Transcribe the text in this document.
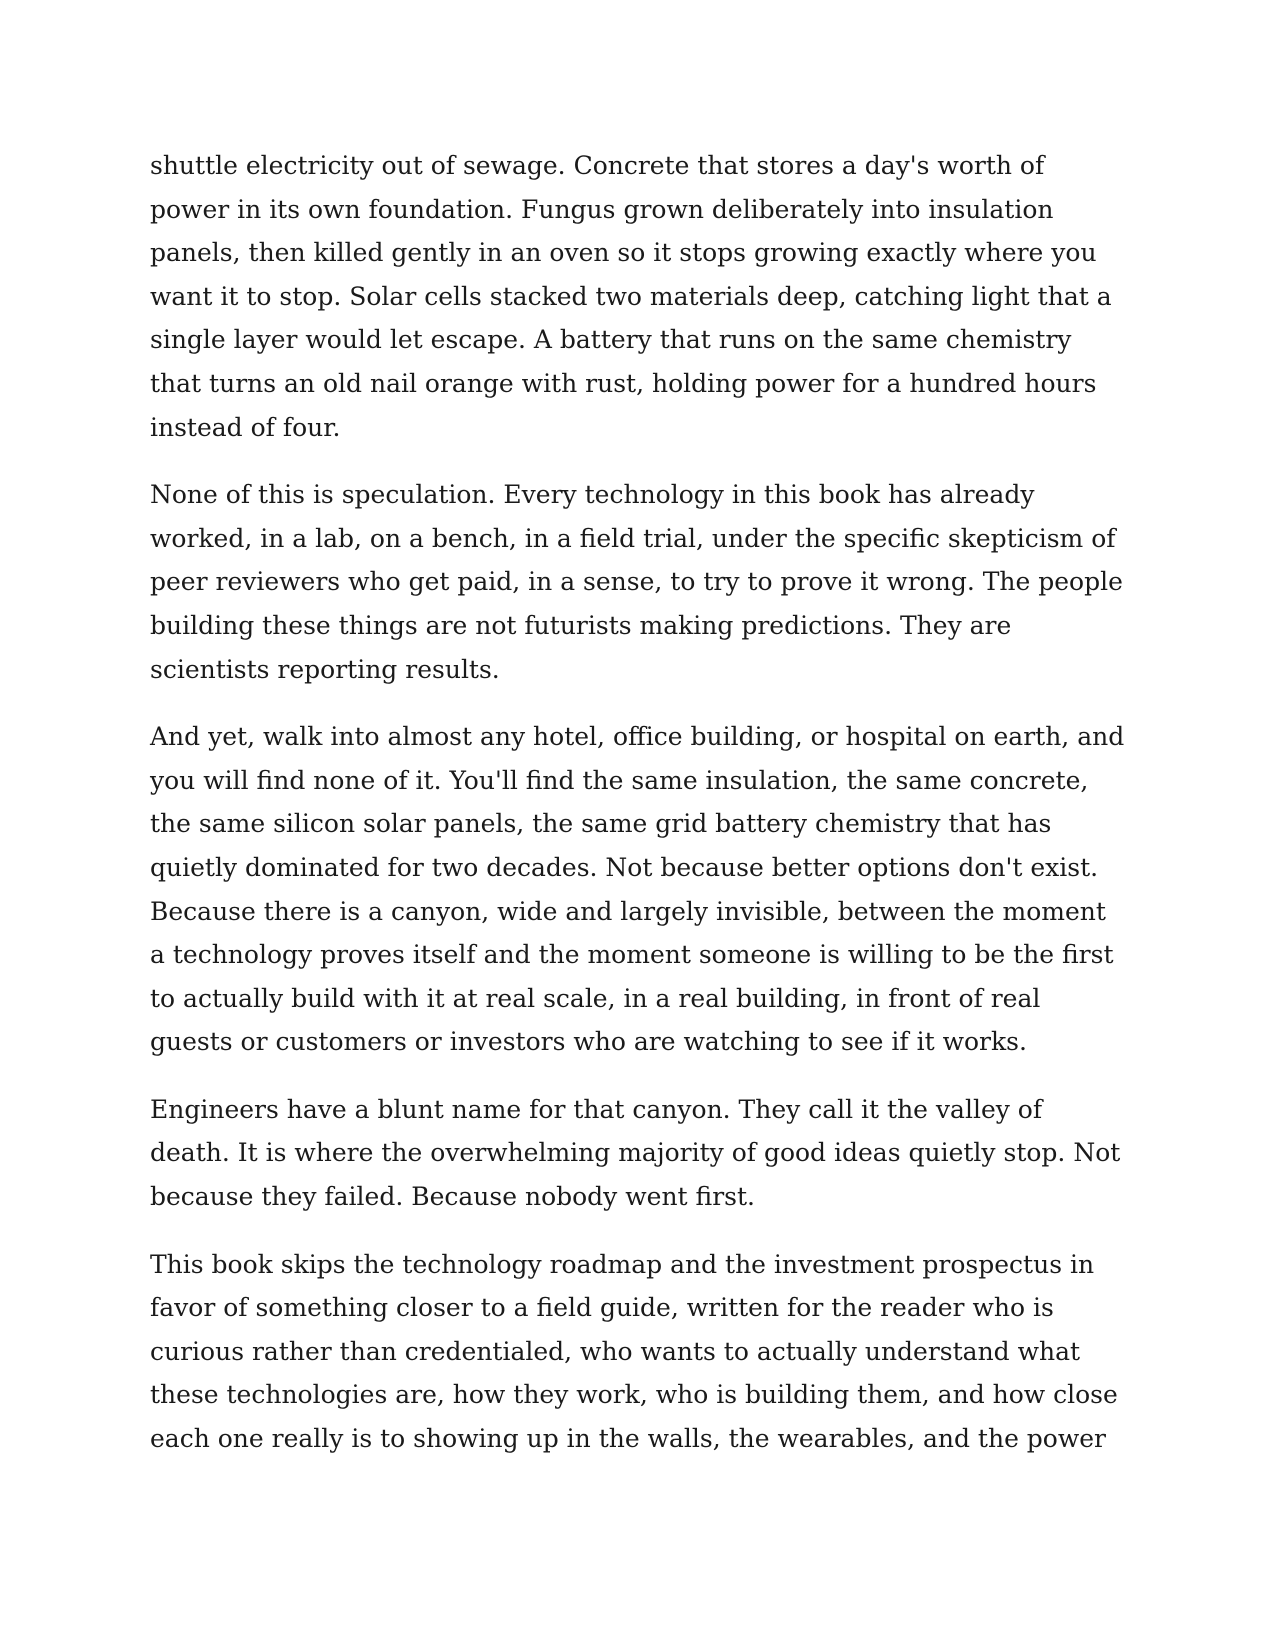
shuttle electricity out of sewage. Concrete that stores a day's worth of
power in its own foundation. Fungus grown deliberately into insulation
panels, then killed gently in an oven so it stops growing exactly where you
want it to stop. Solar cells stacked two materials deep, catching light that a
single layer would let escape. A battery that runs on the same chemistry
that turns an old nail orange with rust, holding power for a hundred hours
instead of four.

None of this is speculation. Every technology in this book has already
worked, in a lab, on a bench, in a field trial, under the specific skepticism of
peer reviewers who get paid, in a sense, to try to prove it wrong. The people
building these things are not futurists making predictions. They are
scientists reporting results.

And yet, walk into almost any hotel, office building, or hospital on earth, and
you will find none of it. You'll find the same insulation, the same concrete,
the same silicon solar panels, the same grid battery chemistry that has
quietly dominated for two decades. Not because better options don't exist.
Because there is a canyon, wide and largely invisible, between the moment
a technology proves itself and the moment someone is willing to be the first
to actually build with it at real scale, in a real building, in front of real
guests or customers or investors who are watching to see if it works.

Engineers have a blunt name for that canyon. They call it the valley of
death. It is where the overwhelming majority of good ideas quietly stop. Not
because they failed. Because nobody went first.

This book skips the technology roadmap and the investment prospectus in
favor of something closer to a field guide, written for the reader who is
curious rather than credentialed, who wants to actually understand what
these technologies are, how they work, who is building them, and how close
each one really is to showing up in the walls, the wearables, and the power
